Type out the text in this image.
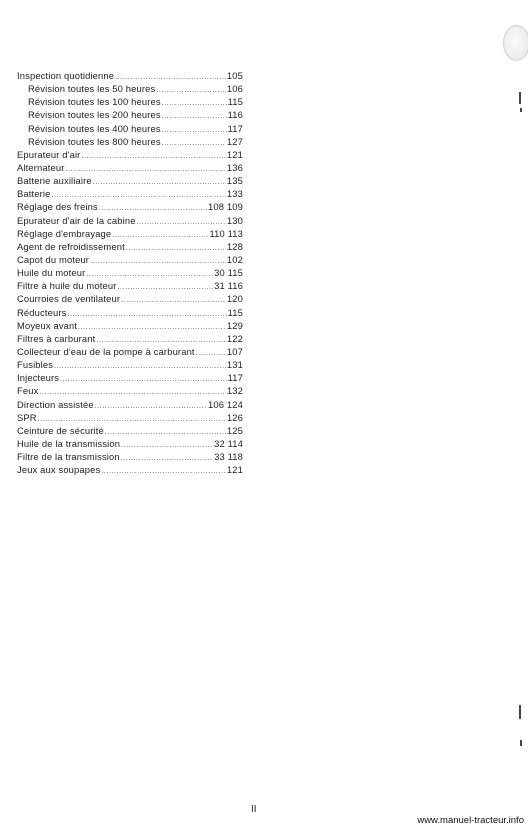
Inspection quotidienne .....	105
Révision toutes les 50 heures .....	106
Révision toutes les 100 heures .....	115
Révision toutes les 200 heures .....	116
Révision toutes les 400 heures .....	117
Révision toutes les 800 heures .....	127
Epurateur d'air .....	121
Alternateur .....	136
Batterie auxiliaire .....	135
Batterie .....	133
Réglage des freins .....	108 109
Epurateur d'air de la cabine .....	130
Réglage d'embrayage .....	110 113
Agent de refroidissement .....	128
Capot du moteur .....	102
Huile du moteur .....	30 115
Filtre à huile du moteur .....	31 116
Courroies de ventilateur .....	120
Réducteurs .....	115
Moyeux avant .....	129
Filtres à carburant .....	122
Collecteur d'eau de la pompe à carburant .....	107
Fusibles .....	131
Injecteurs .....	117
Feux .....	132
Direction assistée .....	106 124
SPR .....	126
Ceinture de sécurité .....	125
Huile de la transmission .....	32 114
Filtre de la transmission .....	33 118
Jeux aux soupapes .....	121
II
www.manuel-tracteur.info
